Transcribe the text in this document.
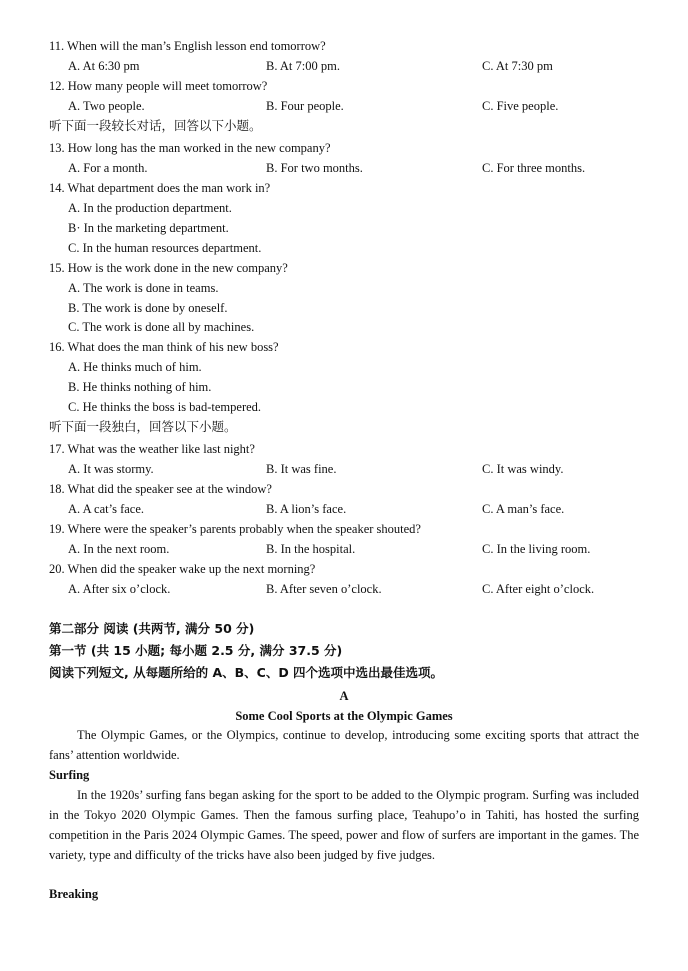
11. When will the man’s English lesson end tomorrow?
A. At 6:30 pm	B. At 7:00 pm.	C. At 7:30 pm
12. How many people will meet tomorrow?
A. Two people.	B. Four people.	C. Five people.
听下面一段较长对话，回答以下小题。
13. How long has the man worked in the new company?
A. For a month.	B. For two months.	C. For three months.
14. What department does the man work in?
A. In the production department.
B· In the marketing department.
C. In the human resources department.
15. How is the work done in the new company?
A. The work is done in teams.
B. The work is done by oneself.
C. The work is done all by machines.
16. What does the man think of his new boss?
A. He thinks much of him.
B. He thinks nothing of him.
C. He thinks the boss is bad-tempered.
听下面一段独白，回答以下小题。
17. What was the weather like last night?
A. It was stormy.	B. It was fine.	C. It was windy.
18. What did the speaker see at the window?
A. A cat’s face.	B. A lion’s face.	C. A man’s face.
19. Where were the speaker’s parents probably when the speaker shouted?
A. In the next room.	B. In the hospital.	C. In the living room.
20. When did the speaker wake up the next morning?
A. After six o’clock.	B. After seven o’clock.	C. After eight o’clock.
第二部分 阅读 (共两节, 满分 50 分)
第一节 (共 15 小题; 每小题 2.5 分, 满分 37.5 分)
阅读下列短文, 从每题所给的 A、B、C、D 四个选项中选出最佳选项。
A
Some Cool Sports at the Olympic Games

The Olympic Games, or the Olympics, continue to develop, introducing some exciting sports that attract the fans’ attention worldwide.

Surfing

In the 1920s’ surfing fans began asking for the sport to be added to the Olympic program. Surfing was included in the Tokyo 2020 Olympic Games. Then the famous surfing place, Teahupo’o in Tahiti, has hosted the surfing competition in the Paris 2024 Olympic Games. The speed, power and flow of surfers are important in the games. The variety, type and difficulty of the tricks have also been judged by five judges.

Breaking
